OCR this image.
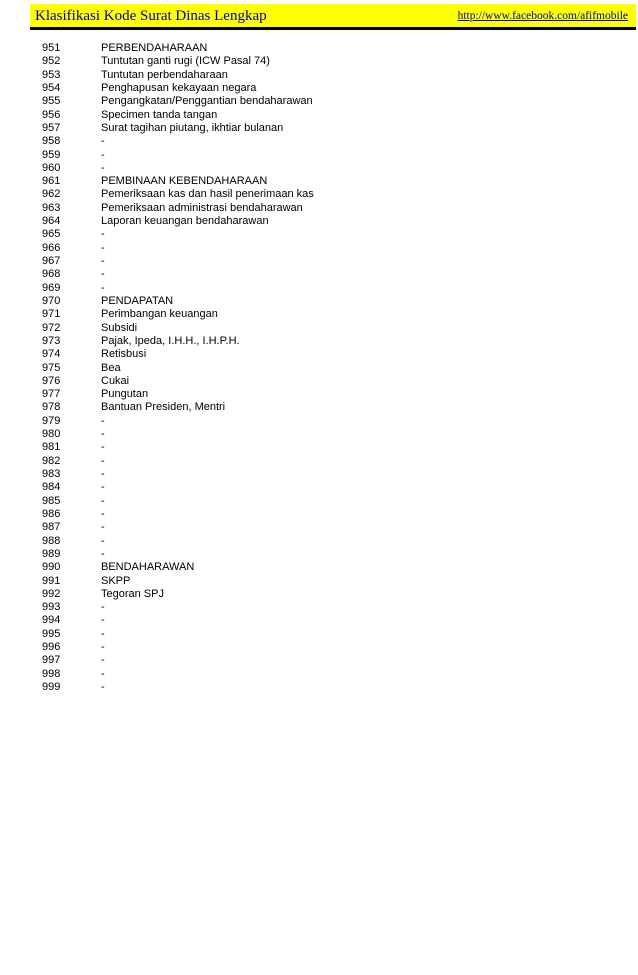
Klasifikasi Kode Surat Dinas Lengkap	http://www.facebook.com/afifmobile
951	PERBENDAHARAAN
952	Tuntutan ganti rugi (ICW Pasal 74)
953	Tuntutan perbendaharaan
954	Penghapusan kekayaan negara
955	Pengangkatan/Penggantian bendaharawan
956	Specimen tanda tangan
957	Surat tagihan piutang, ikhtiar bulanan
958	-
959	-
960	-
961	PEMBINAAN KEBENDAHARAAN
962	Pemeriksaan kas dan hasil penerimaan kas
963	Pemeriksaan administrasi bendaharawan
964	Laporan keuangan bendaharawan
965	-
966	-
967	-
968	-
969	-
970	PENDAPATAN
971	Perimbangan keuangan
972	Subsidi
973	Pajak, Ipeda, I.H.H., I.H.P.H.
974	Retisbusi
975	Bea
976	Cukai
977	Pungutan
978	Bantuan Presiden, Mentri
979	-
980	-
981	-
982	-
983	-
984	-
985	-
986	-
987	-
988	-
989	-
990	BENDAHARAWAN
991	SKPP
992	Tegoran SPJ
993	-
994	-
995	-
996	-
997	-
998	-
999	-
